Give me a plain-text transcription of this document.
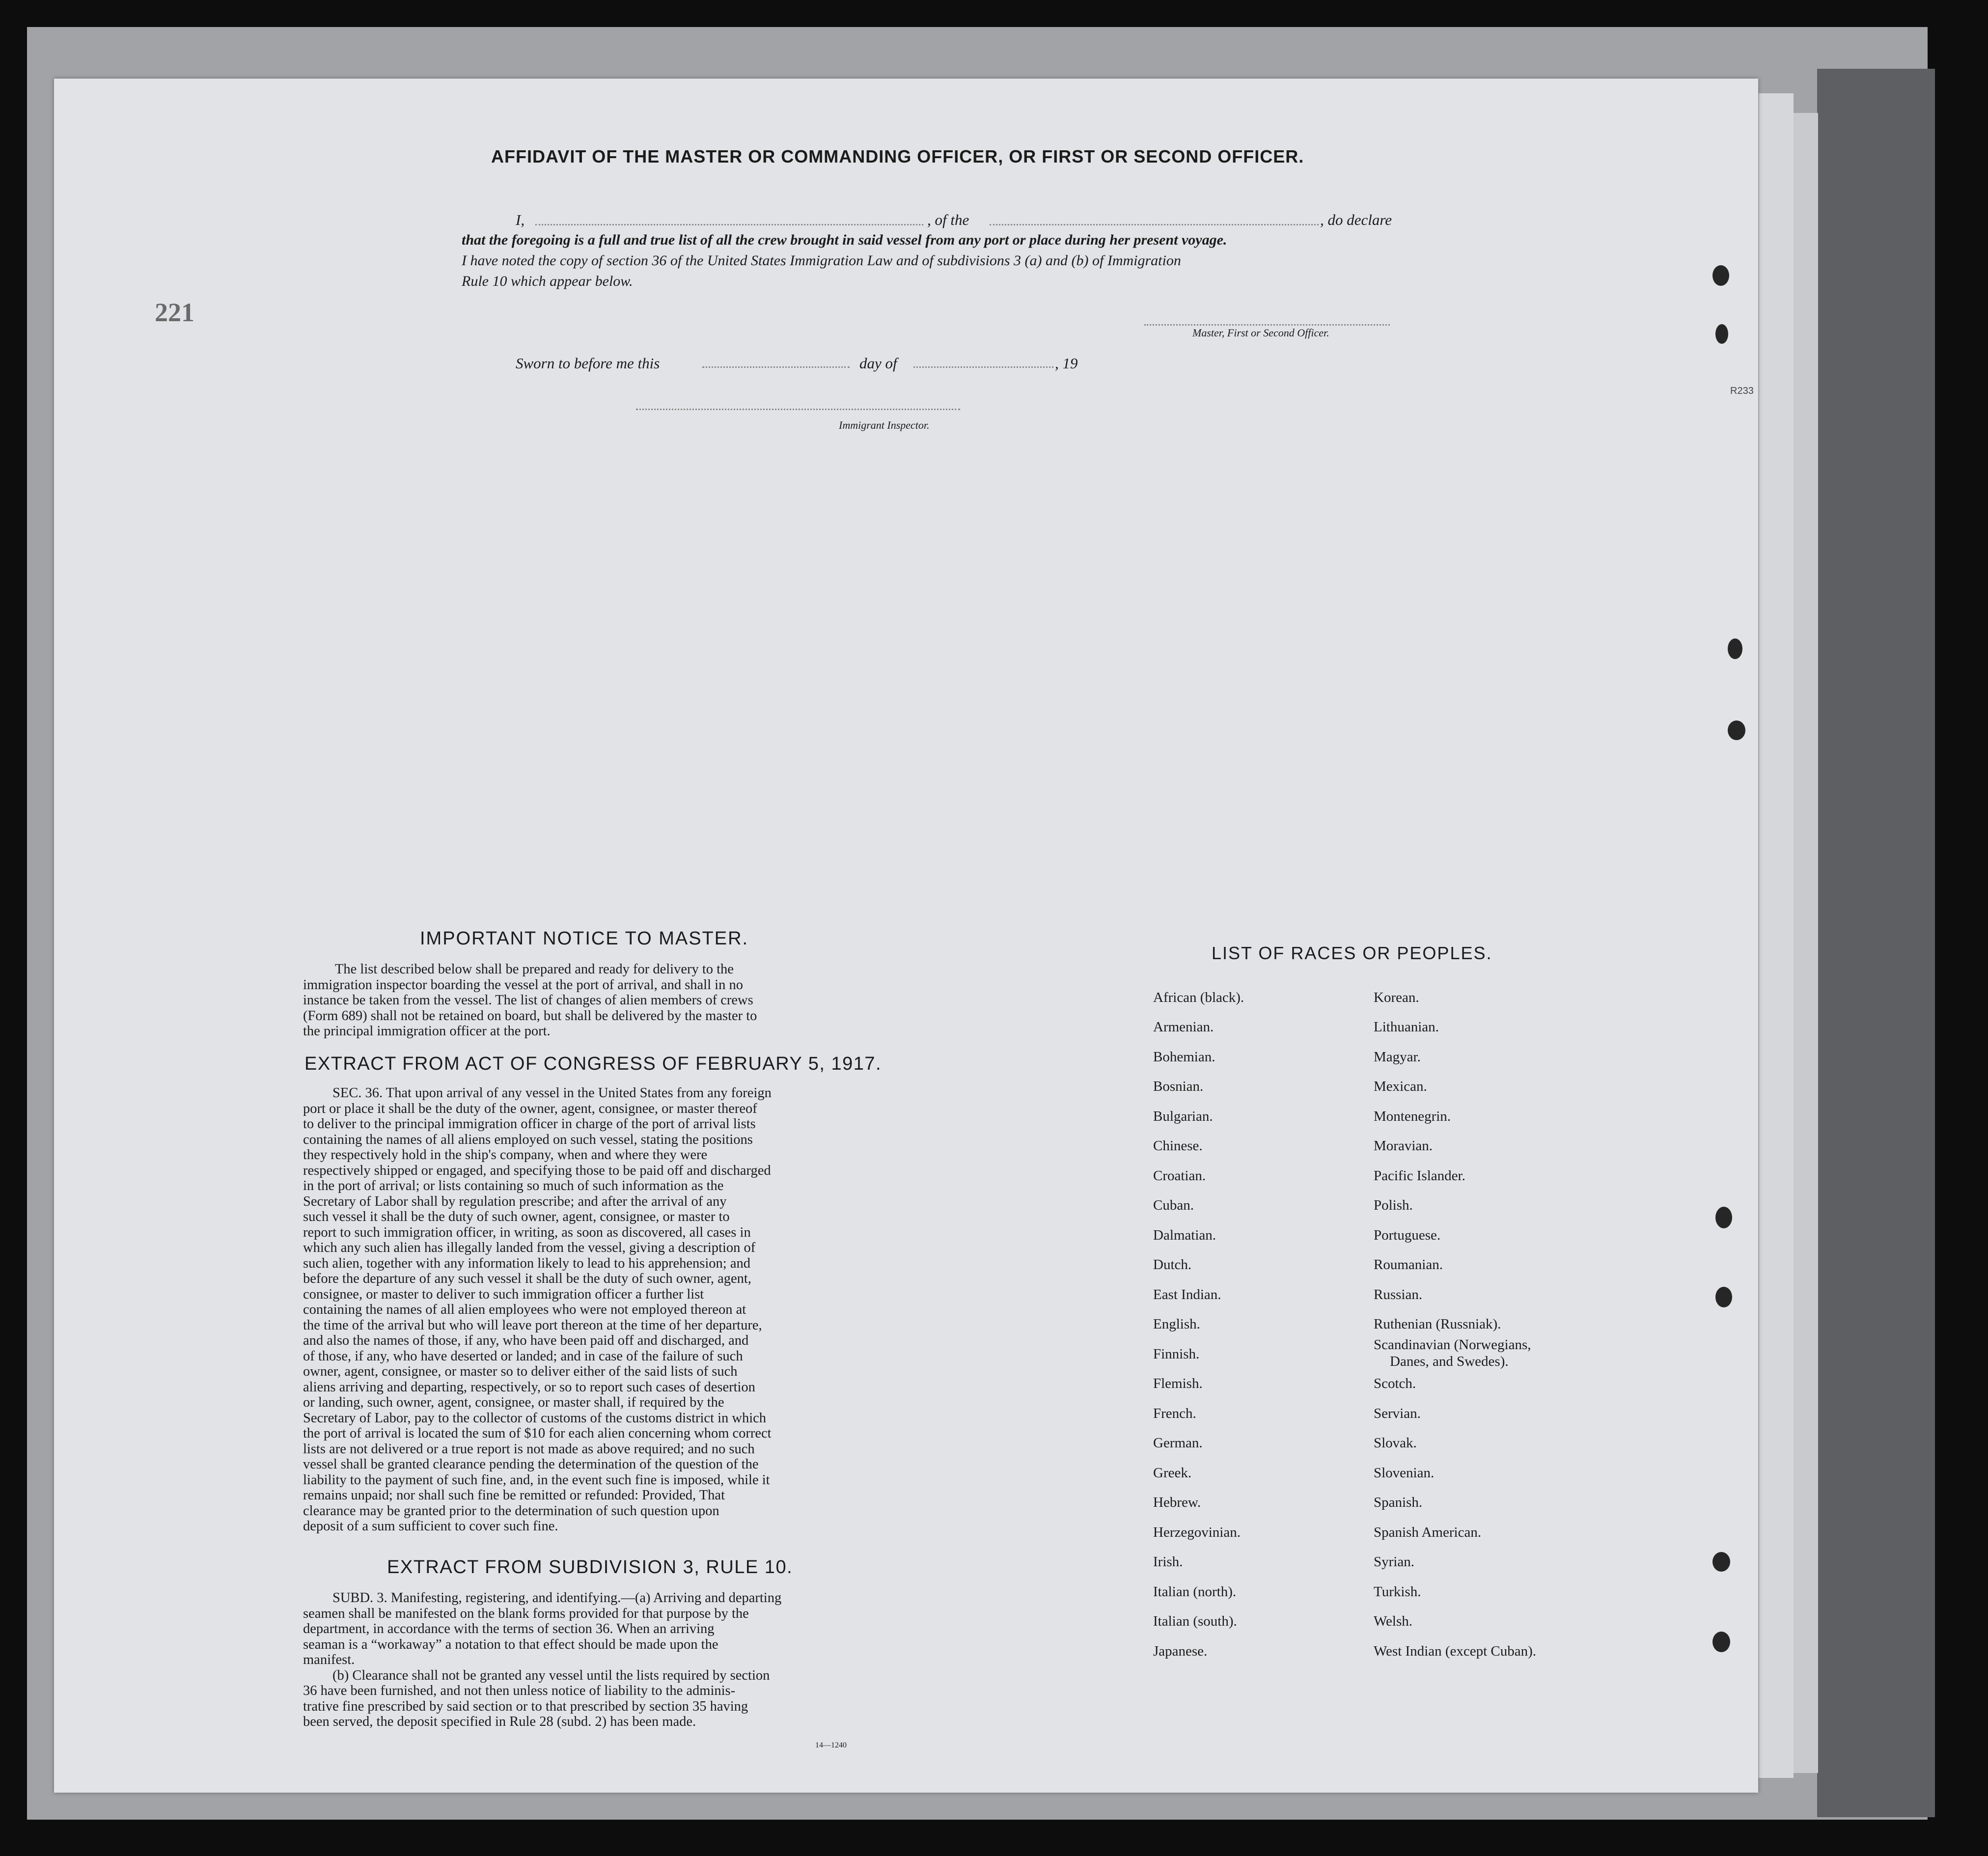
221
R233
AFFIDAVIT OF THE MASTER OR COMMANDING OFFICER, OR FIRST OR SECOND OFFICER.
I,	, of the	, do declare
that the foregoing is a full and true list of all the crew brought in said vessel from any port or place during her present voyage.
I have noted the copy of section 36 of the United States Immigration Law and of subdivisions 3 (a) and (b) of Immigration
Rule 10 which appear below.
Master, First or Second Officer.
Sworn to before me this	day of	, 19
Immigrant Inspector.
IMPORTANT NOTICE TO MASTER.
The list described below shall be prepared and ready for delivery to the
immigration inspector boarding the vessel at the port of arrival, and shall in no
instance be taken from the vessel. The list of changes of alien members of crews
(Form 689) shall not be retained on board, but shall be delivered by the master to
the principal immigration officer at the port.
EXTRACT FROM ACT OF CONGRESS OF FEBRUARY 5, 1917.
SEC. 36. That upon arrival of any vessel in the United States from any foreign
port or place it shall be the duty of the owner, agent, consignee, or master thereof
to deliver to the principal immigration officer in charge of the port of arrival lists
containing the names of all aliens employed on such vessel, stating the positions
they respectively hold in the ship's company, when and where they were
respectively shipped or engaged, and specifying those to be paid off and discharged
in the port of arrival; or lists containing so much of such information as the
Secretary of Labor shall by regulation prescribe; and after the arrival of any
such vessel it shall be the duty of such owner, agent, consignee, or master to
report to such immigration officer, in writing, as soon as discovered, all cases in
which any such alien has illegally landed from the vessel, giving a description of
such alien, together with any information likely to lead to his apprehension; and
before the departure of any such vessel it shall be the duty of such owner, agent,
consignee, or master to deliver to such immigration officer a further list
containing the names of all alien employees who were not employed thereon at
the time of the arrival but who will leave port thereon at the time of her departure,
and also the names of those, if any, who have been paid off and discharged, and
of those, if any, who have deserted or landed; and in case of the failure of such
owner, agent, consignee, or master so to deliver either of the said lists of such
aliens arriving and departing, respectively, or so to report such cases of desertion
or landing, such owner, agent, consignee, or master shall, if required by the
Secretary of Labor, pay to the collector of customs of the customs district in which
the port of arrival is located the sum of $10 for each alien concerning whom correct
lists are not delivered or a true report is not made as above required; and no such
vessel shall be granted clearance pending the determination of the question of the
liability to the payment of such fine, and, in the event such fine is imposed, while it
remains unpaid; nor shall such fine be remitted or refunded: Provided, That
clearance may be granted prior to the determination of such question upon
deposit of a sum sufficient to cover such fine.
EXTRACT FROM SUBDIVISION 3, RULE 10.
SUBD. 3. Manifesting, registering, and identifying.—(a) Arriving and departing
seamen shall be manifested on the blank forms provided for that purpose by the
department, in accordance with the terms of section 36. When an arriving
seaman is a “workaway” a notation to that effect should be made upon the
manifest.
(b) Clearance shall not be granted any vessel until the lists required by section
36 have been furnished, and not then unless notice of liability to the adminis-
trative fine prescribed by said section or to that prescribed by section 35 having
been served, the deposit specified in Rule 28 (subd. 2) has been made.
14—1240
LIST OF RACES OR PEOPLES.
African (black).
Armenian.
Bohemian.
Bosnian.
Bulgarian.
Chinese.
Croatian.
Cuban.
Dalmatian.
Dutch.
East Indian.
English.
Finnish.
Flemish.
French.
German.
Greek.
Hebrew.
Herzegovinian.
Irish.
Italian (north).
Italian (south).
Japanese.
Korean.
Lithuanian.
Magyar.
Mexican.
Montenegrin.
Moravian.
Pacific Islander.
Polish.
Portuguese.
Roumanian.
Russian.
Ruthenian (Russniak).
Scandinavian (Norwegians,
Danes, and Swedes).
Scotch.
Servian.
Slovak.
Slovenian.
Spanish.
Spanish American.
Syrian.
Turkish.
Welsh.
West Indian (except Cuban).
